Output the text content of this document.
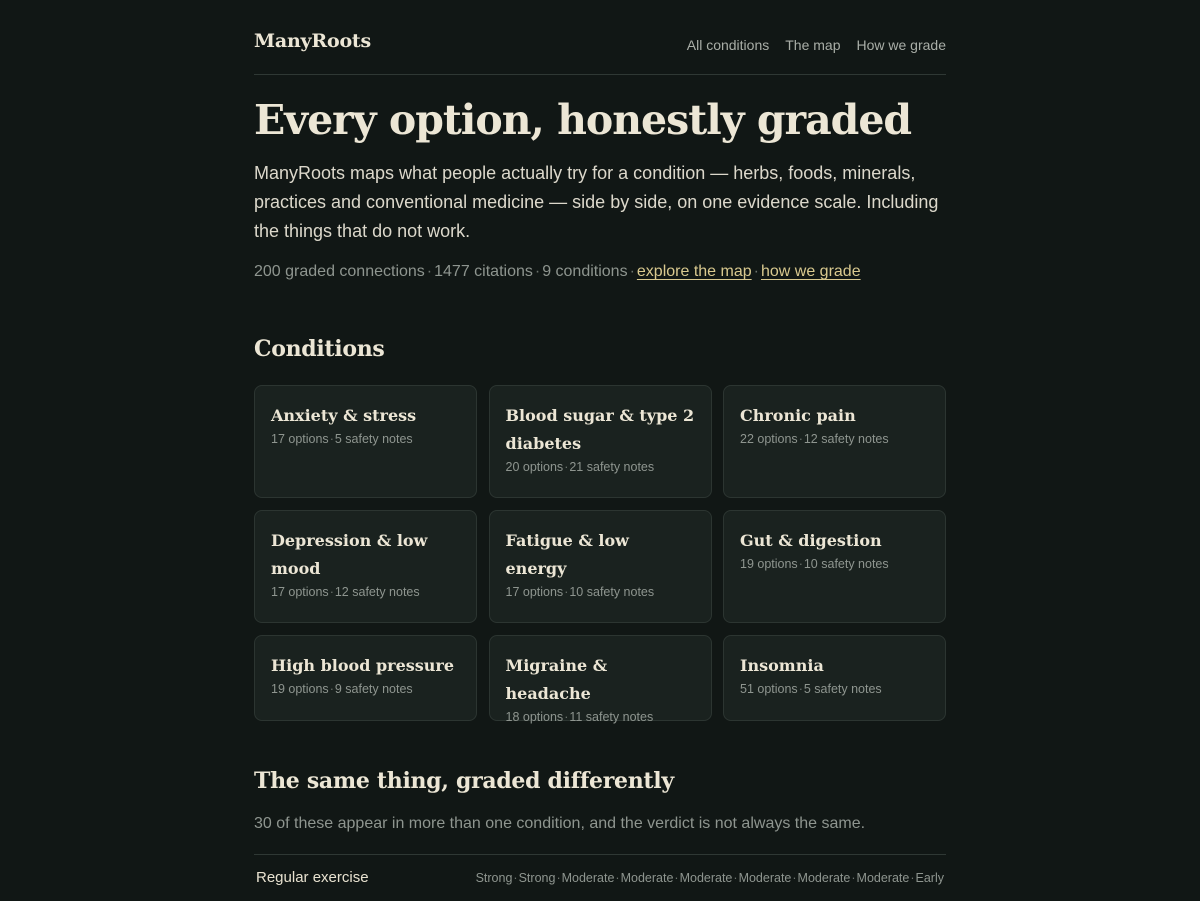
ManyRoots	All conditions The map How we grade
Every option, honestly graded

ManyRoots maps what people actually try for a condition — herbs, foods, minerals, practices and conventional medicine — side by side, on one evidence scale. Including the things that do not work.

200 graded connections · 1477 citations · 9 conditions · explore the map · how we grade
Conditions
Anxiety & stress
17 options·5 safety notes
Blood sugar & type 2 diabetes
20 options·21 safety notes
Chronic pain
22 options·12 safety notes
Depression & low mood
17 options·12 safety notes
Fatigue & low energy
17 options·10 safety notes
Gut & digestion
19 options·10 safety notes
High blood pressure
19 options·9 safety notes
Migraine & headache
18 options·11 safety notes
Insomnia
51 options·5 safety notes
The same thing, graded differently
30 of these appear in more than one condition, and the verdict is not always the same.
Regular exercise	Strong·Strong·Moderate·Moderate·Moderate·Moderate·Moderate·Moderate·Early
